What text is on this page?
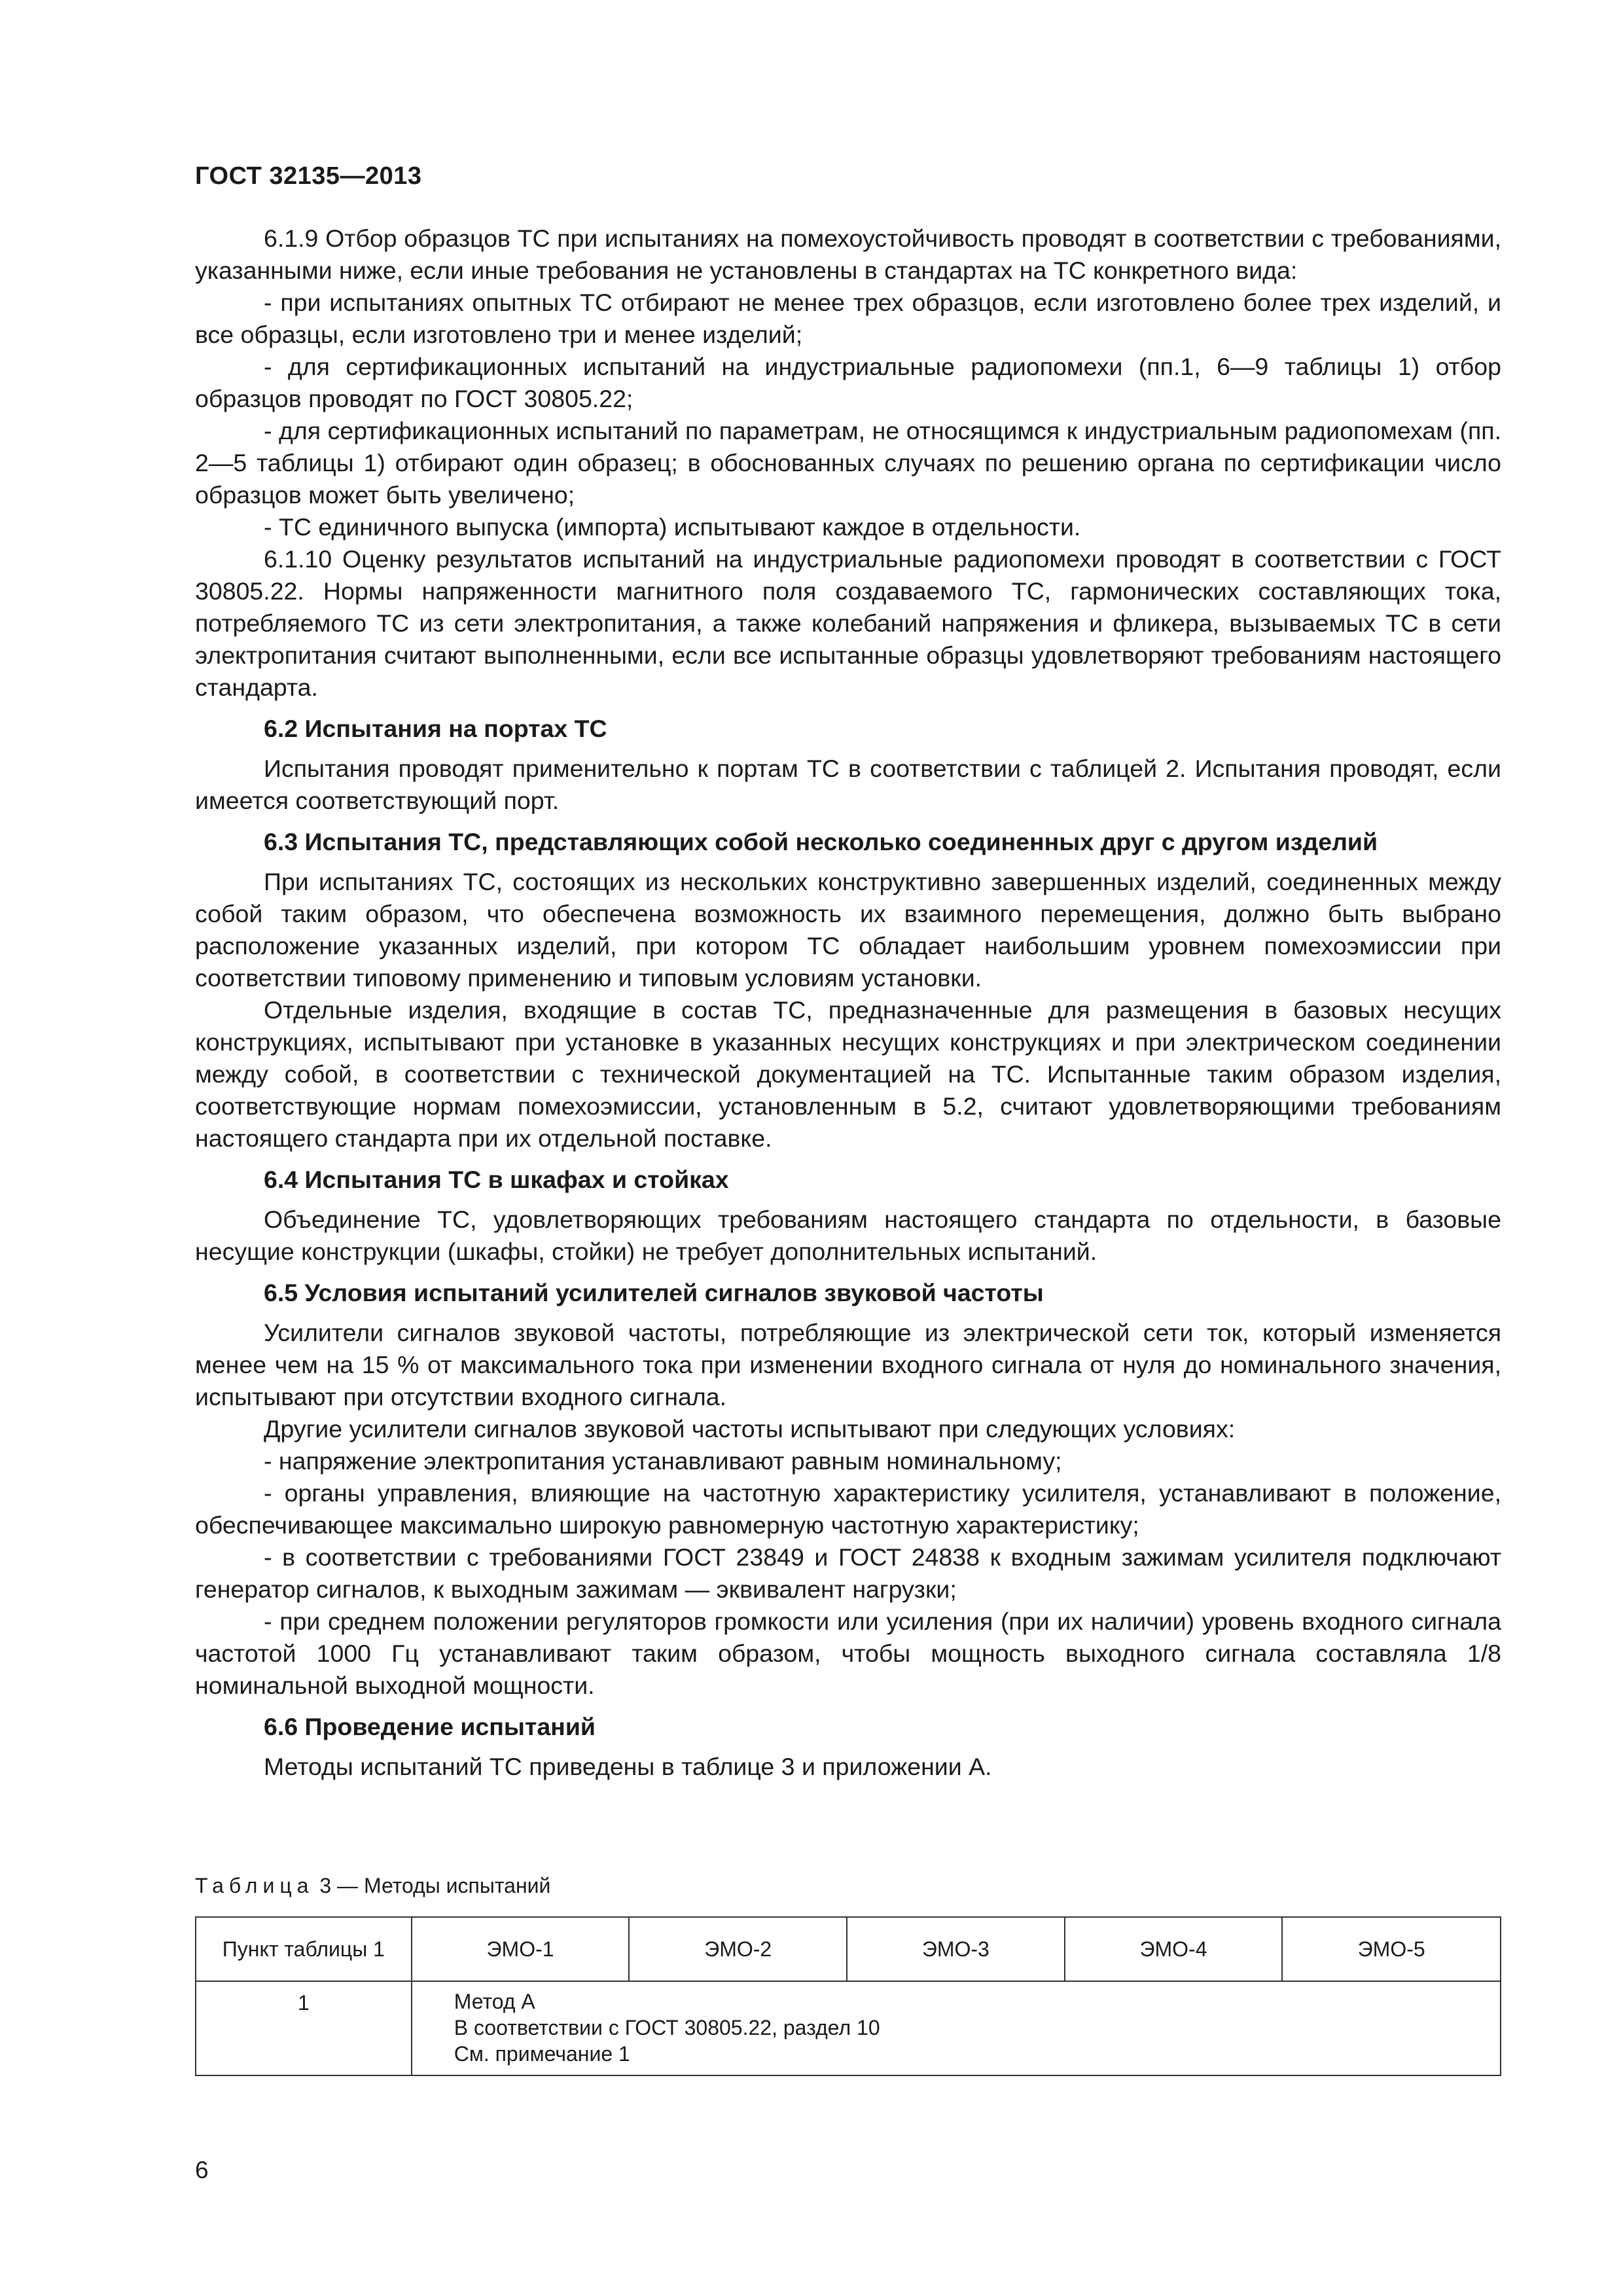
ГОСТ 32135—2013

6.1.9 Отбор образцов ТС при испытаниях на помехоустойчивость проводят в соответствии с требованиями, указанными ниже, если иные требования не установлены в стандартах на ТС конкретного вида:

- при испытаниях опытных ТС отбирают не менее трех образцов, если изготовлено более трех изделий, и все образцы, если изготовлено три и менее изделий;

- для сертификационных испытаний на индустриальные радиопомехи (пп.1, 6—9 таблицы 1) отбор образцов проводят по ГОСТ 30805.22;

- для сертификационных испытаний по параметрам, не относящимся к индустриальным радиопомехам (пп. 2—5 таблицы 1) отбирают один образец; в обоснованных случаях по решению органа по сертификации число образцов может быть увеличено;

- ТС единичного выпуска (импорта) испытывают каждое в отдельности.

6.1.10 Оценку результатов испытаний на индустриальные радиопомехи проводят в соответствии с ГОСТ 30805.22. Нормы напряженности магнитного поля создаваемого ТС, гармонических составляющих тока, потребляемого ТС из сети электропитания, а также колебаний напряжения и фликера, вызываемых ТС в сети электропитания считают выполненными, если все испытанные образцы удовлетворяют требованиям настоящего стандарта.

6.2 Испытания на портах ТС

Испытания проводят применительно к портам ТС в соответствии с таблицей 2. Испытания проводят, если имеется соответствующий порт.

6.3 Испытания ТС, представляющих собой несколько соединенных друг с другом изделий

При испытаниях ТС, состоящих из нескольких конструктивно завершенных изделий, соединенных между собой таким образом, что обеспечена возможность их взаимного перемещения, должно быть выбрано расположение указанных изделий, при котором ТС обладает наибольшим уровнем помехоэмиссии при соответствии типовому применению и типовым условиям установки.

Отдельные изделия, входящие в состав ТС, предназначенные для размещения в базовых несущих конструкциях, испытывают при установке в указанных несущих конструкциях и при электрическом соединении между собой, в соответствии с технической документацией на ТС. Испытанные таким образом изделия, соответствующие нормам помехоэмиссии, установленным в 5.2, считают удовлетворяющими требованиям настоящего стандарта при их отдельной поставке.

6.4 Испытания ТС в шкафах и стойках

Объединение ТС, удовлетворяющих требованиям настоящего стандарта по отдельности, в базовые несущие конструкции (шкафы, стойки) не требует дополнительных испытаний.

6.5 Условия испытаний усилителей сигналов звуковой частоты

Усилители сигналов звуковой частоты, потребляющие из электрической сети ток, который изменяется менее чем на 15 % от максимального тока при изменении входного сигнала от нуля до номинального значения, испытывают при отсутствии входного сигнала.

Другие усилители сигналов звуковой частоты испытывают при следующих условиях:

- напряжение электропитания устанавливают равным номинальному;

- органы управления, влияющие на частотную характеристику усилителя, устанавливают в положение, обеспечивающее максимально широкую равномерную частотную характеристику;

- в соответствии с требованиями ГОСТ 23849 и ГОСТ 24838 к входным зажимам усилителя подключают генератор сигналов, к выходным зажимам — эквивалент нагрузки;

- при среднем положении регуляторов громкости или усиления (при их наличии) уровень входного сигнала частотой 1000 Гц устанавливают таким образом, чтобы мощность выходного сигнала составляла 1/8 номинальной выходной мощности.

6.6 Проведение испытаний

Методы испытаний ТС приведены в таблице 3 и приложении А.

Таблица 3 — Методы испытаний
Пункт таблицы 1	ЭМО-1	ЭМО-2	ЭМО-3	ЭМО-4	ЭМО-5
1	Метод А
В соответствии с ГОСТ 30805.22, раздел 10
См. примечание 1				
6
